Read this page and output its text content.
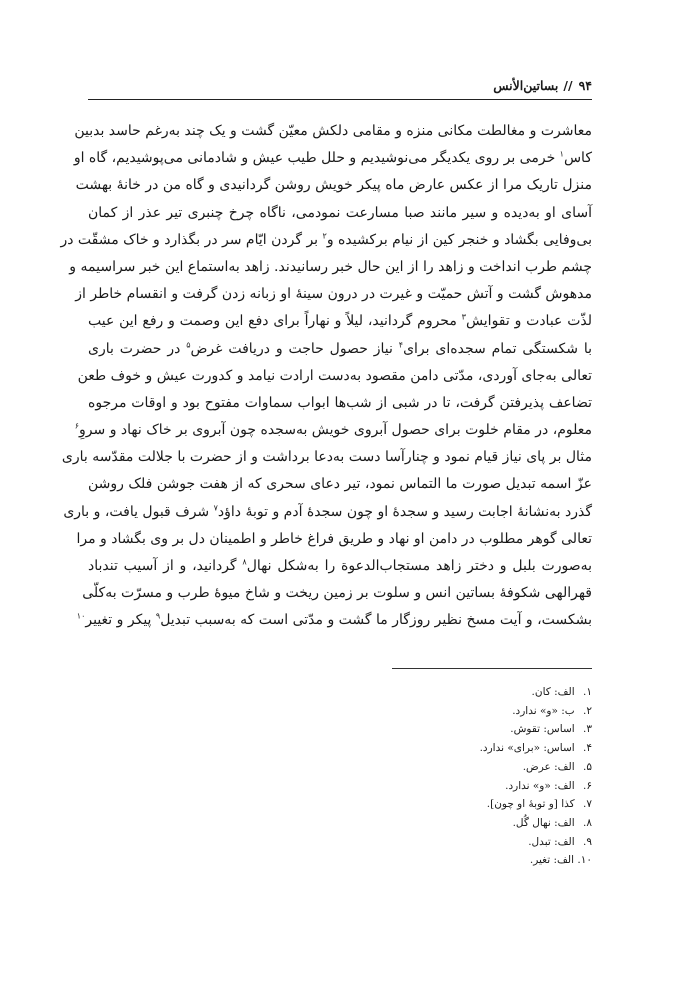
۹۴
//
بساتین‌الأنس
معاشرت و مغالطت مکانی منزه و مقامی دلکش معیّن گشت و یک چند به‌رغم حاسد بدبین
کاس$^۱$ خرمی بر روی یکدیگر می‌نوشیدیم و حلل طیب عیش و شادمانی می‌پوشیدیم، گاه او
منزل تاریک مرا از عکس عارض ماه پیکر خویش روشن گردانیدی و گاه من در خانهٔ بهشت
آسای او به‌دیده و سیر مانند صبا مسارعت نمودمی، ناگاه چرخ چنبری تیر عذر از کمان
بی‌وفایی بگشاد و خنجر کین از نیام برکشیده و$^۲$ بر گردن ایّام سر در بگذارد و خاک مشقّت در
چشم طرب انداخت و زاهد را از این حال خبر رسانیدند. زاهد به‌استماع این خبر سراسیمه و
مدهوش گشت و آتش حمیّت و غیرت در درون سینهٔ او زبانه زدن گرفت و انقسام خاطر از
لذّت عبادت و تقوایش$^۳$ محروم گردانید، لیلاً و نهاراً برای دفع این وصمت و رفع این عیب
با شکستگی تمام سجده‌ای برای$^۴$ نیاز حصول حاجت و دریافت غرض$^۵$ در حضرت باری
تعالی به‌جای آوردی، مدّتی دامن مقصود به‌دست ارادت نیامد و کدورت عیش و خوف طعن
تضاعف پذیرفتن گرفت، تا در شبی از شب‌ها ابواب سماوات مفتوح بود و اوقات مرجوه
معلوم، در مقام خلوت برای حصول آبروی خویش به‌سجده چون آبروی بر خاک نهاد و سروِ$^۶$
مثال بر پای نیاز قیام نمود و چنارآسا دست به‌دعا برداشت و از حضرت با جلالت مقدّسه باری
عزّ اسمه تبدیل صورت ما التماس نمود، تیر دعای سحری که از هفت جوشن فلک روشن
گذرد به‌نشانهٔ اجابت رسید و سجدهٔ او چون سجدهٔ آدم و توبهٔ داؤد$^۷$ شرف قبول یافت، و باری
تعالی گوهر مطلوب در دامن او نهاد و طریق فراغ خاطر و اطمینان دل بر وی بگشاد و مرا
به‌صورت بلبل و دختر زاهد مستجاب‌الدعوة را به‌شکل نهال$^۸$ گردانید، و از آسیب تندباد
قهرالهی شکوفهٔ بساتین انس و سلوت بر زمین ریخت و شاخ میوهٔ طرب و مسرّت به‌کلّی
بشکست، و آیت مسخ نظیر روزگار ما گشت و مدّتی است که به‌سبب تبدیل$^۹$ پیکر و تغییر$^{۱۰}$
۱. الف: کان.
۲. ب: «و» ندارد.
۳. اساس: تقوش.
۴. اساس: «برای» ندارد.
۵. الف: عرض.
۶. الف: «و» ندارد.
۷. کذا [و توبهٔ او چون].
۸. الف: نهال گُل.
۹. الف: تبدل.
۱۰. الف: تغیر.
